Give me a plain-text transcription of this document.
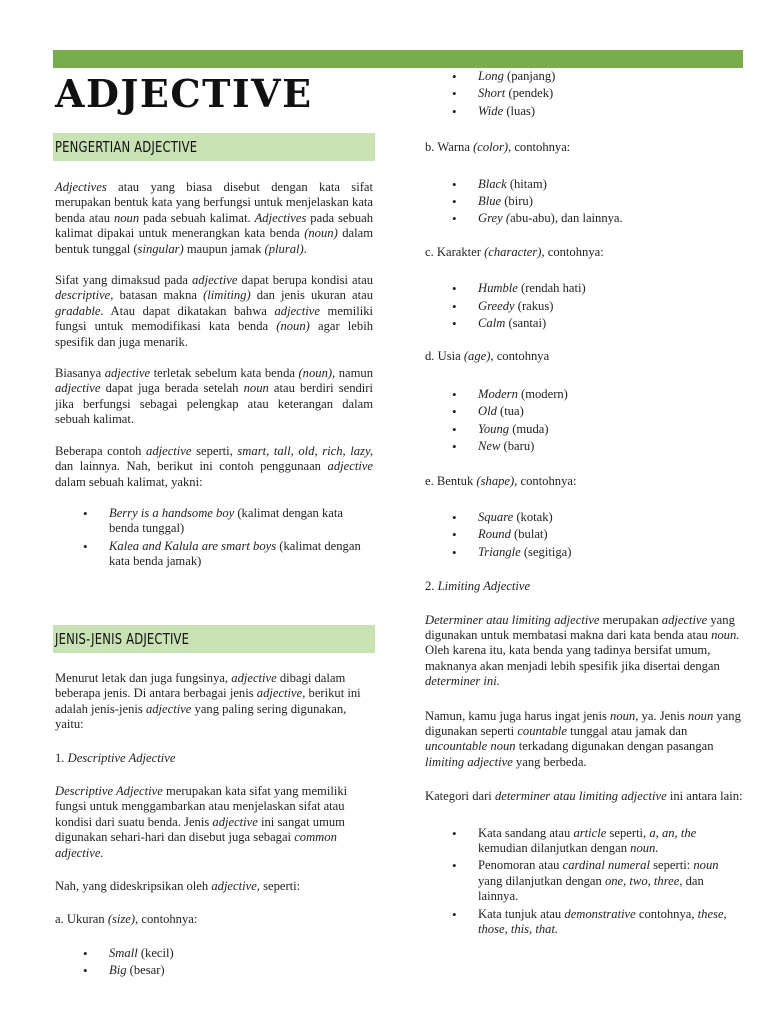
ADJECTIVE
PENGERTIAN ADJECTIVE

Adjectives atau yang biasa disebut dengan kata sifat merupakan bentuk kata yang berfungsi untuk menjelaskan kata benda atau noun pada sebuah kalimat. Adjectives pada sebuah kalimat dipakai untuk menerangkan kata benda (noun) dalam bentuk tunggal (singular) maupun jamak (plural).

Sifat yang dimaksud pada adjective dapat berupa kondisi atau descriptive, batasan makna (limiting) dan jenis ukuran atau gradable. Atau dapat dikatakan bahwa adjective memiliki fungsi untuk memodifikasi kata benda (noun) agar lebih spesifik dan juga menarik.

Biasanya adjective terletak sebelum kata benda (noun), namun adjective dapat juga berada setelah noun atau berdiri sendiri jika berfungsi sebagai pelengkap atau keterangan dalam sebuah kalimat.

Beberapa contoh adjective seperti, smart, tall, old, rich, lazy, dan lainnya. Nah, berikut ini contoh penggunaan adjective dalam sebuah kalimat, yakni:

• Berry is a handsome boy (kalimat dengan kata benda tunggal)
• Kalea and Kalula are smart boys (kalimat dengan kata benda jamak)
JENIS-JENIS ADJECTIVE

Menurut letak dan juga fungsinya, adjective dibagi dalam beberapa jenis. Di antara berbagai jenis adjective, berikut ini adalah jenis-jenis adjective yang paling sering digunakan, yaitu:

1. Descriptive Adjective

Descriptive Adjective merupakan kata sifat yang memiliki fungsi untuk menggambarkan atau menjelaskan sifat atau kondisi dari suatu benda. Jenis adjective ini sangat umum digunakan sehari-hari dan disebut juga sebagai common adjective.

Nah, yang dideskripsikan oleh adjective, seperti:

a. Ukuran (size), contohnya:

• Small (kecil)
• Big (besar)
• Long (panjang)
• Short (pendek)
• Wide (luas)

b. Warna (color), contohnya:

• Black (hitam)
• Blue (biru)
• Grey (abu-abu), dan lainnya.

c. Karakter (character), contohnya:

• Humble (rendah hati)
• Greedy (rakus)
• Calm (santai)

d. Usia (age), contohnya

• Modern (modern)
• Old (tua)
• Young (muda)
• New (baru)

e. Bentuk (shape), contohnya:

• Square (kotak)
• Round (bulat)
• Triangle (segitiga)

2. Limiting Adjective

Determiner atau limiting adjective merupakan adjective yang digunakan untuk membatasi makna dari kata benda atau noun. Oleh karena itu, kata benda yang tadinya bersifat umum, maknanya akan menjadi lebih spesifik jika disertai dengan determiner ini.

Namun, kamu juga harus ingat jenis noun, ya. Jenis noun yang digunakan seperti countable tunggal atau jamak dan uncountable noun terkadang digunakan dengan pasangan limiting adjective yang berbeda.

Kategori dari determiner atau limiting adjective ini antara lain:

• Kata sandang atau article seperti, a, an, the kemudian dilanjutkan dengan noun.
• Penomoran atau cardinal numeral seperti: noun yang dilanjutkan dengan one, two, three, dan lainnya.
• Kata tunjuk atau demonstrative contohnya, these, those, this, that.
